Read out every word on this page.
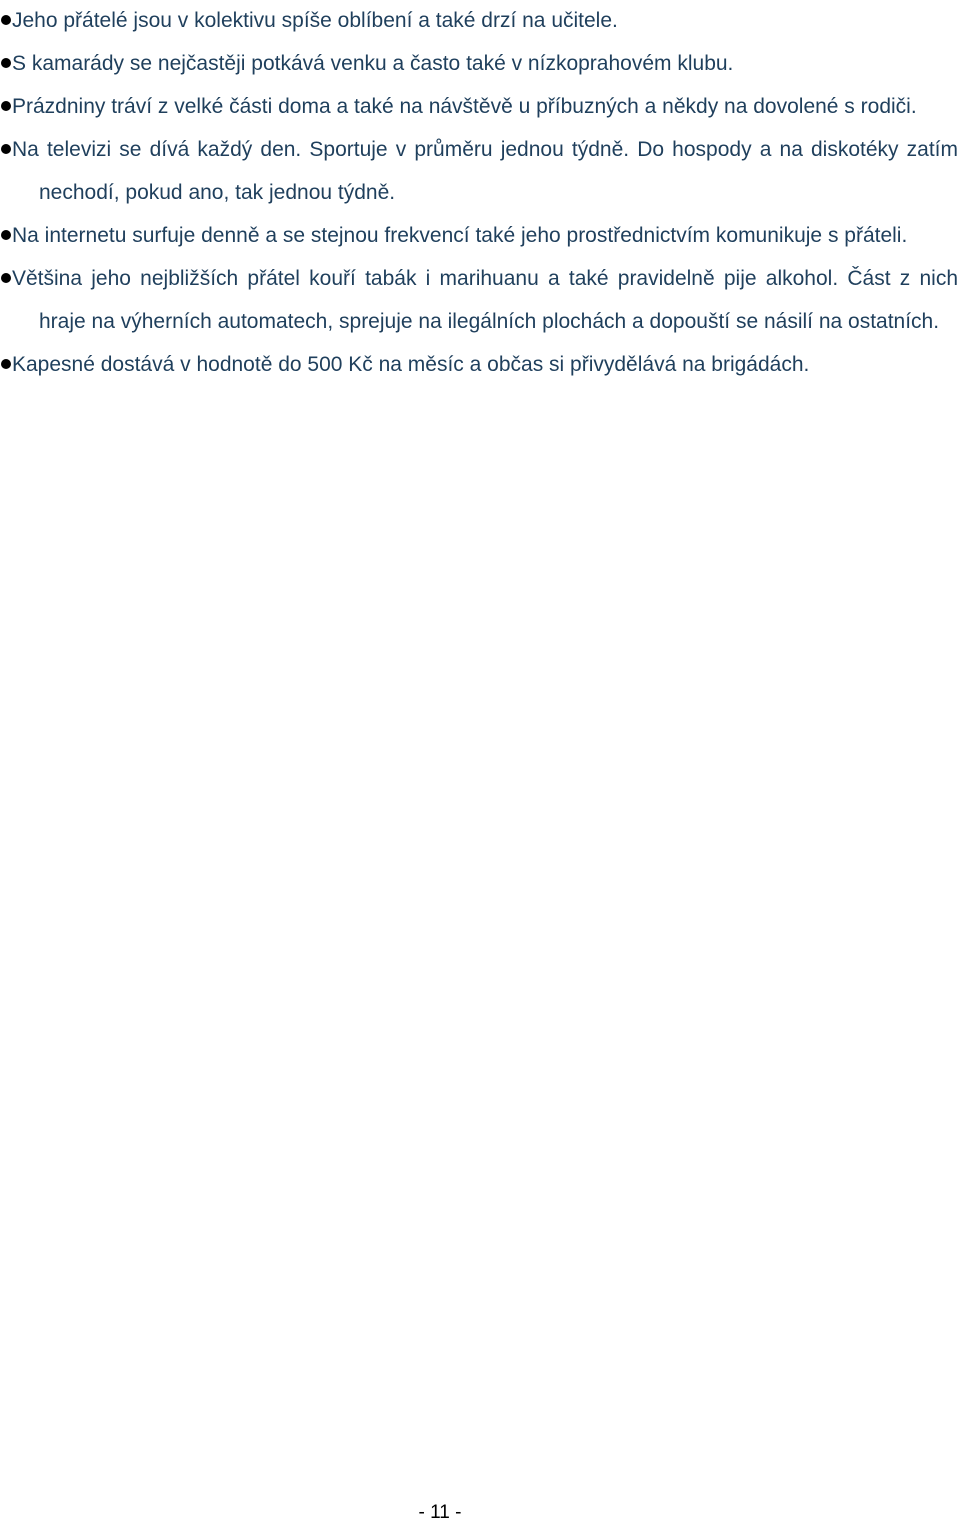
Jeho přátelé jsou v kolektivu spíše oblíbení a také drzí na učitele.
S kamarády se nejčastěji potkává venku a často také v nízkoprahovém klubu.
Prázdniny tráví z velké části doma a také na návštěvě u příbuzných a někdy na dovolené s rodiči.
Na televizi se dívá každý den. Sportuje v průměru jednou týdně. Do hospody a na diskotéky zatím nechodí, pokud ano, tak jednou týdně.
Na internetu surfuje denně a se stejnou frekvencí také jeho prostřednictvím komunikuje s přáteli.
Většina jeho nejbližších přátel kouří tabák i marihuanu a také pravidelně pije alkohol. Část z nich hraje na výherních automatech, sprejuje na ilegálních plochách a dopouští se násilí na ostatních.
Kapesné dostává v hodnotě do 500 Kč na měsíc a občas si přivydělává na brigádách.
- 11 -
